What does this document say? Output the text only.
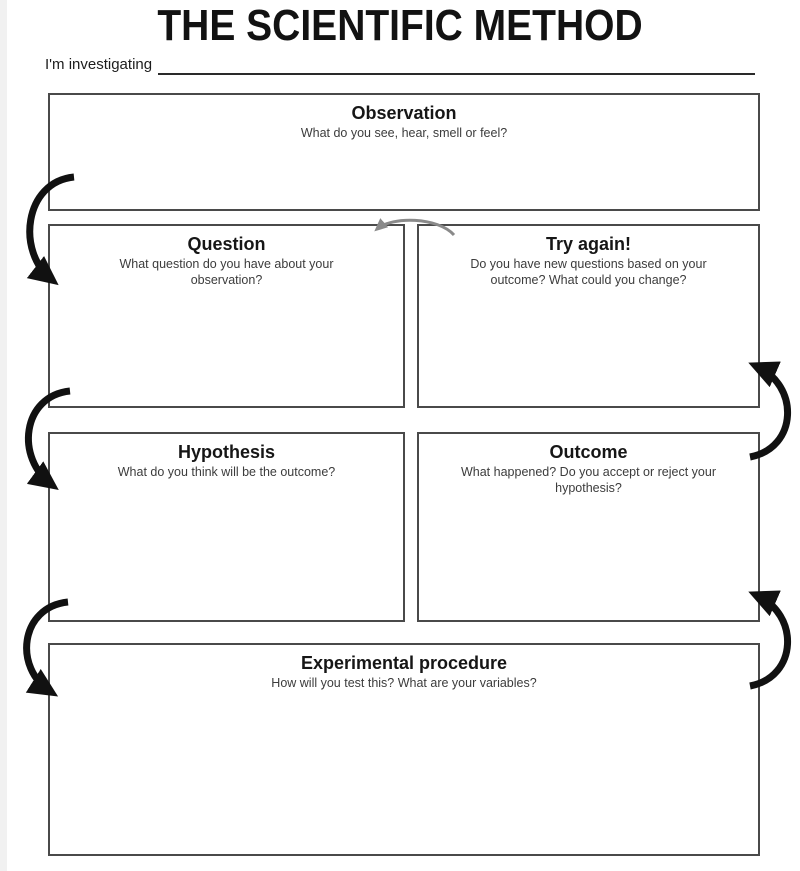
THE SCIENTIFIC METHOD
I'm investigating
Observation
What do you see, hear, smell or feel?
Question
What question do you have about your observation?
Try again!
Do you have new questions based on your outcome? What could you change?
Hypothesis
What do you think will be the outcome?
Outcome
What happened? Do you accept or reject your hypothesis?
Experimental procedure
How will you test this? What are your variables?
